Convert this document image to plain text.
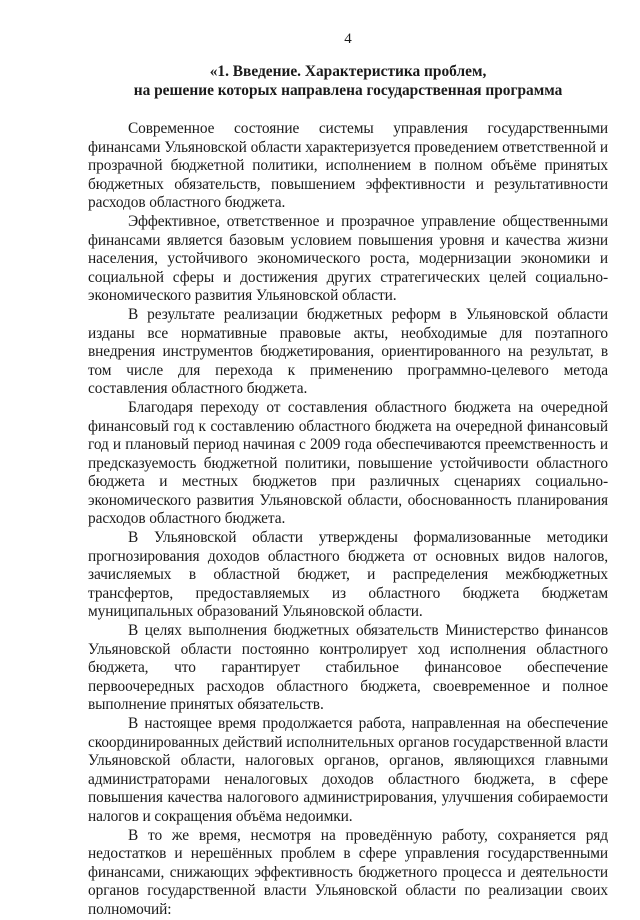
4
«1. Введение. Характеристика проблем,
на решение которых направлена государственная программа

Современное состояние системы управления государственными финансами Ульяновской области характеризуется проведением ответственной и прозрачной бюджетной политики, исполнением в полном объёме принятых бюджетных обязательств, повышением эффективности и результативности расходов областного бюджета.

Эффективное, ответственное и прозрачное управление общественными финансами является базовым условием повышения уровня и качества жизни населения, устойчивого экономического роста, модернизации экономики и социальной сферы и достижения других стратегических целей социально-экономического развития Ульяновской области.

В результате реализации бюджетных реформ в Ульяновской области изданы все нормативные правовые акты, необходимые для поэтапного внедрения инструментов бюджетирования, ориентированного на результат, в том числе для перехода к применению программно-целевого метода составления областного бюджета.

Благодаря переходу от составления областного бюджета на очередной финансовый год к составлению областного бюджета на очередной финансовый год и плановый период начиная с 2009 года обеспечиваются преемственность и предсказуемость бюджетной политики, повышение устойчивости областного бюджета и местных бюджетов при различных сценариях социально-экономического развития Ульяновской области, обоснованность планирования расходов областного бюджета.

В Ульяновской области утверждены формализованные методики прогнозирования доходов областного бюджета от основных видов налогов, зачисляемых в областной бюджет, и распределения межбюджетных трансфертов, предоставляемых из областного бюджета бюджетам муниципальных образований Ульяновской области.

В целях выполнения бюджетных обязательств Министерство финансов Ульяновской области постоянно контролирует ход исполнения областного бюджета, что гарантирует стабильное финансовое обеспечение первоочередных расходов областного бюджета, своевременное и полное выполнение принятых обязательств.

В настоящее время продолжается работа, направленная на обеспечение скоординированных действий исполнительных органов государственной власти Ульяновской области, налоговых органов, органов, являющихся главными администраторами неналоговых доходов областного бюджета, в сфере повышения качества налогового администрирования, улучшения собираемости налогов и сокращения объёма недоимки.

В то же время, несмотря на проведённую работу, сохраняется ряд недостатков и нерешённых проблем в сфере управления государственными финансами, снижающих эффективность бюджетного процесса и деятельности органов государственной власти Ульяновской области по реализации своих полномочий:
